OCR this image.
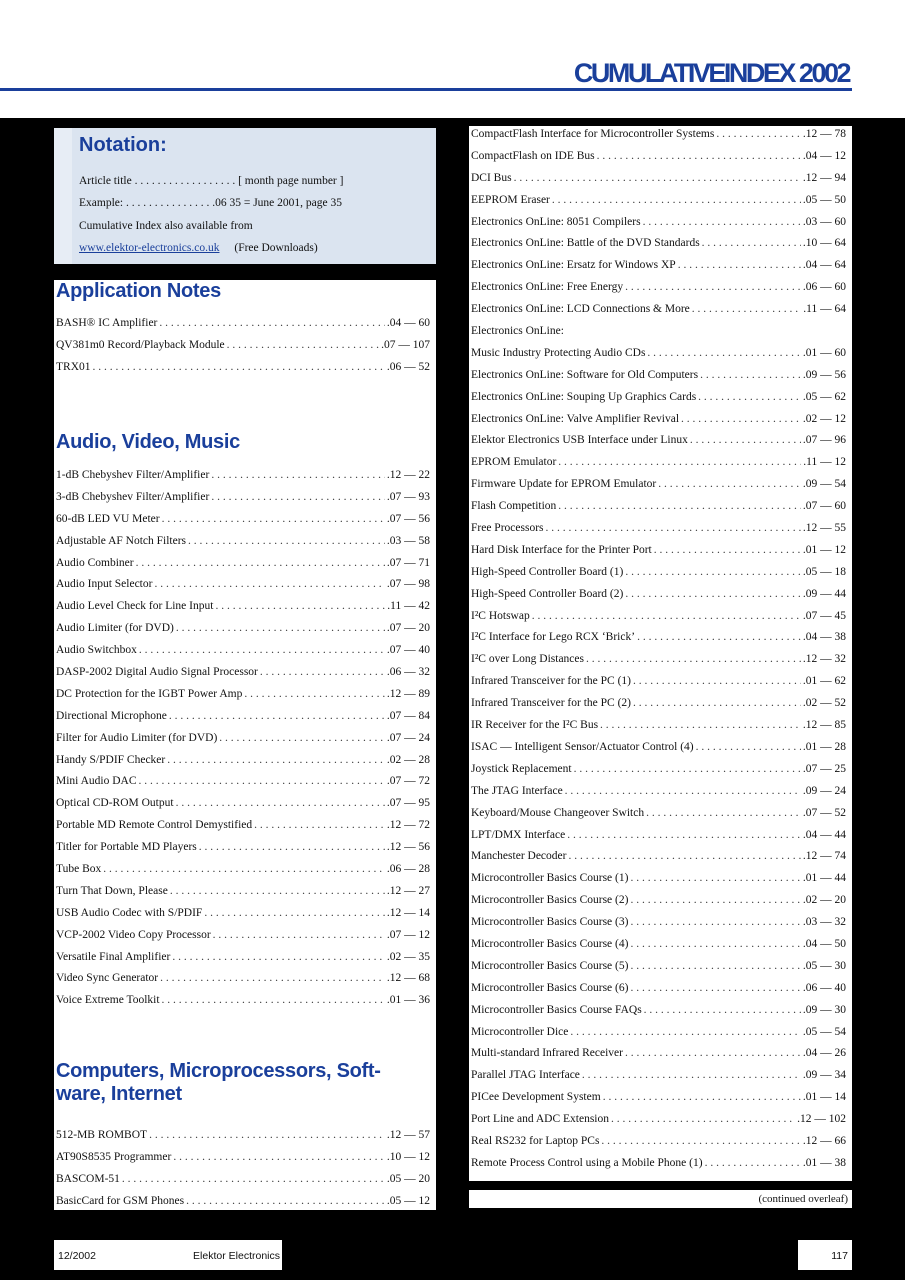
CUMULATIVEINDEX 2002
Notation:
Article title . . . . . . . . . . . . . . . . . . [ month page number ]
Example: . . . . . . . . . . . . . . . .06 35 = June 2001, page 35
Cumulative Index also available from
www.elektor-electronics.co.uk (Free Downloads)
Application Notes
BASH® IC Amplifier . . .	.04 — 60
QV381m0 Record/Playback Module . . .	.07 — 107
TRX01 . . .	.06 — 52
Audio, Video, Music
1-dB Chebyshev Filter/Amplifier . . .	.12 — 22
3-dB Chebyshev Filter/Amplifier . . .	.07 — 93
60-dB LED VU Meter . . .	.07 — 56
Adjustable AF Notch Filters . . .	.03 — 58
Audio Combiner . . .	.07 — 71
Audio Input Selector . . .	.07 — 98
Audio Level Check for Line Input . . .	.11 — 42
Audio Limiter (for DVD) . . .	.07 — 20
Audio Switchbox . . .	.07 — 40
DASP-2002 Digital Audio Signal Processor . . .	.06 — 32
DC Protection for the IGBT Power Amp . . .	.12 — 89
Directional Microphone . . .	.07 — 84
Filter for Audio Limiter (for DVD) . . .	.07 — 24
Handy S/PDIF Checker . . .	.02 — 28
Mini Audio DAC . . .	.07 — 72
Optical CD-ROM Output . . .	.07 — 95
Portable MD Remote Control Demystified . . .	.12 — 72
Titler for Portable MD Players . . .	.12 — 56
Tube Box . . .	.06 — 28
Turn That Down, Please . . .	.12 — 27
USB Audio Codec with S/PDIF . . .	.12 — 14
VCP-2002 Video Copy Processor . . .	.07 — 12
Versatile Final Amplifier . . .	.02 — 35
Video Sync Generator . . .	.12 — 68
Voice Extreme Toolkit . . .	.01 — 36
Computers, Microprocessors, Soft-
ware, Internet
512-MB ROMBOT . . .	.12 — 57
AT90S8535 Programmer . . .	.10 — 12
BASCOM-51 . . .	.05 — 20
BasicCard for GSM Phones . . .	.05 — 12
CompactFlash Interface for Microcontroller Systems . . .	.12 — 78
CompactFlash on IDE Bus . . .	.04 — 12
DCI Bus . . .	.12 — 94
EEPROM Eraser . . .	.05 — 50
Electronics OnLine: 8051 Compilers . . .	.03 — 60
Electronics OnLine: Battle of the DVD Standards . . .	.10 — 64
Electronics OnLine: Ersatz for Windows XP . . .	.04 — 64
Electronics OnLine: Free Energy . . .	.06 — 60
Electronics OnLine: LCD Connections & More . . .	.11 — 64
Electronics OnLine:
Music Industry Protecting Audio CDs . . .	.01 — 60
Electronics OnLine: Software for Old Computers . . .	.09 — 56
Electronics OnLine: Souping Up Graphics Cards . . .	.05 — 62
Electronics OnLine: Valve Amplifier Revival . . .	.02 — 12
Elektor Electronics USB Interface under Linux . . .	.07 — 96
EPROM Emulator . . .	.11 — 12
Firmware Update for EPROM Emulator . . .	.09 — 54
Flash Competition . . .	.07 — 60
Free Processors . . .	.12 — 55
Hard Disk Interface for the Printer Port . . .	.01 — 12
High-Speed Controller Board (1) . . .	.05 — 18
High-Speed Controller Board (2) . . .	.09 — 44
I²C Hotswap . . .	.07 — 45
I²C Interface for Lego RCX ‘Brick’ . . .	.04 — 38
I²C over Long Distances . . .	.12 — 32
Infrared Transceiver for the PC (1) . . .	.01 — 62
Infrared Transceiver for the PC (2) . . .	.02 — 52
IR Receiver for the I²C Bus . . .	.12 — 85
ISAC — Intelligent Sensor/Actuator Control (4) . . .	.01 — 28
Joystick Replacement . . .	.07 — 25
The JTAG Interface . . .	.09 — 24
Keyboard/Mouse Changeover Switch . . .	.07 — 52
LPT/DMX Interface . . .	.04 — 44
Manchester Decoder . . .	.12 — 74
Microcontroller Basics Course (1) . . .	.01 — 44
Microcontroller Basics Course (2) . . .	.02 — 20
Microcontroller Basics Course (3) . . .	.03 — 32
Microcontroller Basics Course (4) . . .	.04 — 50
Microcontroller Basics Course (5) . . .	.05 — 30
Microcontroller Basics Course (6) . . .	.06 — 40
Microcontroller Basics Course FAQs . . .	.09 — 30
Microcontroller Dice . . .	.05 — 54
Multi-standard Infrared Receiver . . .	.04 — 26
Parallel JTAG Interface . . .	.09 — 34
PICee Development System . . .	.01 — 14
Port Line and ADC Extension . . .	.12 — 102
Real RS232 for Laptop PCs . . .	.12 — 66
Remote Process Control using a Mobile Phone (1) . . .	.01 — 38
(continued overleaf)
12/2002	Elektor Electronics	117
